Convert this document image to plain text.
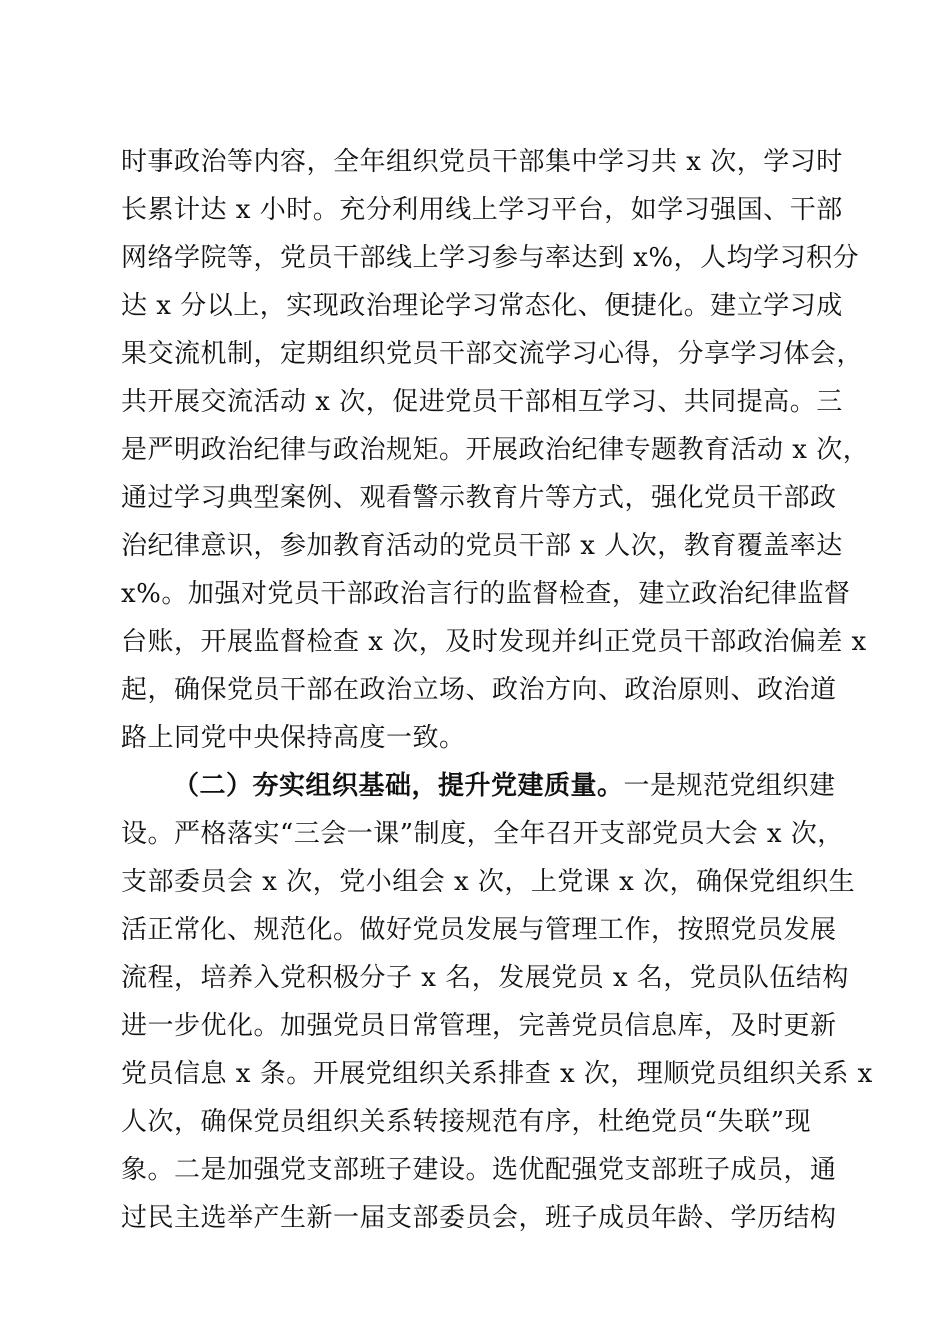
时事政治等内容，全年组织党员干部集中学习共 x 次，学习时
长累计达 x 小时。充分利用线上学习平台，如学习强国、干部
网络学院等，党员干部线上学习参与率达到 x%，人均学习积分
达 x 分以上，实现政治理论学习常态化、便捷化。建立学习成
果交流机制，定期组织党员干部交流学习心得，分享学习体会，
共开展交流活动 x 次，促进党员干部相互学习、共同提高。三
是严明政治纪律与政治规矩。开展政治纪律专题教育活动 x 次，
通过学习典型案例、观看警示教育片等方式，强化党员干部政
治纪律意识，参加教育活动的党员干部 x 人次，教育覆盖率达
x%。加强对党员干部政治言行的监督检查，建立政治纪律监督
台账，开展监督检查 x 次，及时发现并纠正党员干部政治偏差 x
起，确保党员干部在政治立场、政治方向、政治原则、政治道
路上同党中央保持高度一致。
（二）夯实组织基础，提升党建质量。一是规范党组织建
设。严格落实“三会一课”制度，全年召开支部党员大会 x 次，
支部委员会 x 次，党小组会 x 次，上党课 x 次，确保党组织生
活正常化、规范化。做好党员发展与管理工作，按照党员发展
流程，培养入党积极分子 x 名，发展党员 x 名，党员队伍结构
进一步优化。加强党员日常管理，完善党员信息库，及时更新
党员信息 x 条。开展党组织关系排查 x 次，理顺党员组织关系 x
人次，确保党员组织关系转接规范有序，杜绝党员“失联”现
象。二是加强党支部班子建设。选优配强党支部班子成员，通
过民主选举产生新一届支部委员会，班子成员年龄、学历结构
